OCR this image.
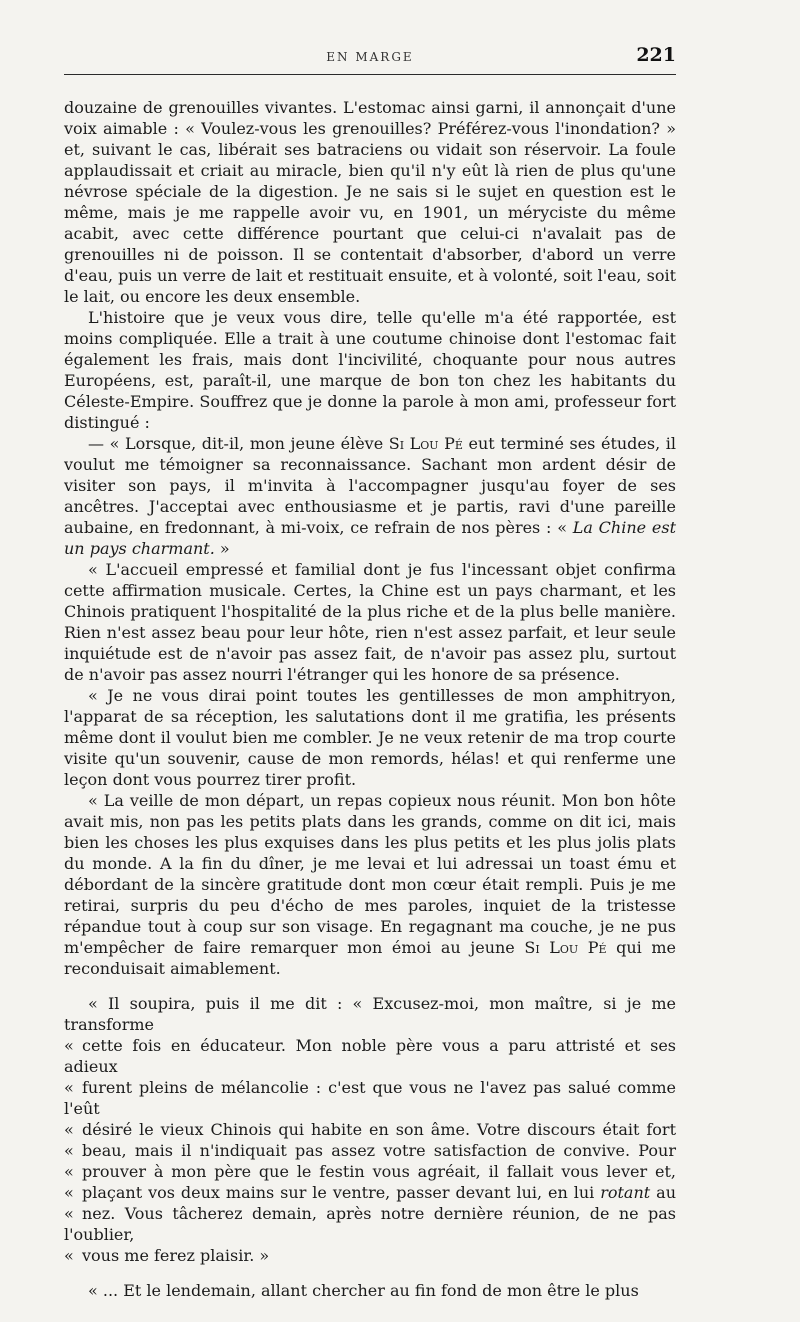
EN MARGE	221

douzaine de grenouilles vivantes. L'estomac ainsi garni, il annonçait d'une voix aimable : « Voulez-vous les grenouilles? Préférez-vous l'inondation? » et, suivant le cas, libérait ses batraciens ou vidait son réservoir. La foule applaudissait et criait au miracle, bien qu'il n'y eût là rien de plus qu'une névrose spéciale de la digestion. Je ne sais si le sujet en question est le même, mais je me rappelle avoir vu, en 1901, un méryciste du même acabit, avec cette différence pourtant que celui-ci n'avalait pas de grenouilles ni de poisson. Il se contentait d'absorber, d'abord un verre d'eau, puis un verre de lait et restituait ensuite, et à volonté, soit l'eau, soit le lait, ou encore les deux ensemble.

L'histoire que je veux vous dire, telle qu'elle m'a été rapportée, est moins compliquée. Elle a trait à une coutume chinoise dont l'estomac fait également les frais, mais dont l'incivilité, choquante pour nous autres Européens, est, paraît-il, une marque de bon ton chez les habitants du Céleste-Empire. Souffrez que je donne la parole à mon ami, professeur fort distingué :

— « Lorsque, dit-il, mon jeune élève Si Lou Pé eut terminé ses études, il voulut me témoigner sa reconnaissance. Sachant mon ardent désir de visiter son pays, il m'invita à l'accompagner jusqu'au foyer de ses ancêtres. J'acceptai avec enthousiasme et je partis, ravi d'une pareille aubaine, en fredonnant, à mi-voix, ce refrain de nos pères : « La Chine est un pays charmant. »

« L'accueil empressé et familial dont je fus l'incessant objet confirma cette affirmation musicale. Certes, la Chine est un pays charmant, et les Chinois pratiquent l'hospitalité de la plus riche et de la plus belle manière. Rien n'est assez beau pour leur hôte, rien n'est assez parfait, et leur seule inquiétude est de n'avoir pas assez fait, de n'avoir pas assez plu, surtout de n'avoir pas assez nourri l'étranger qui les honore de sa présence.

« Je ne vous dirai point toutes les gentillesses de mon amphitryon, l'apparat de sa réception, les salutations dont il me gratifia, les présents même dont il voulut bien me combler. Je ne veux retenir de ma trop courte visite qu'un souvenir, cause de mon remords, hélas! et qui renferme une leçon dont vous pourrez tirer profit.

« La veille de mon départ, un repas copieux nous réunit. Mon bon hôte avait mis, non pas les petits plats dans les grands, comme on dit ici, mais bien les choses les plus exquises dans les plus petits et les plus jolis plats du monde. A la fin du dîner, je me levai et lui adressai un toast ému et débordant de la sincère gratitude dont mon cœur était rempli. Puis je me retirai, surpris du peu d'écho de mes paroles, inquiet de la tristesse répandue tout à coup sur son visage. En regagnant ma couche, je ne pus m'empêcher de faire remarquer mon émoi au jeune Si Lou Pé qui me reconduisait aimablement.

« Il soupira, puis il me dit : « Excusez-moi, mon maître, si je me transforme
« cette fois en éducateur. Mon noble père vous a paru attristé et ses adieux
« furent pleins de mélancolie : c'est que vous ne l'avez pas salué comme l'eût
« désiré le vieux Chinois qui habite en son âme. Votre discours était fort
« beau, mais il n'indiquait pas assez votre satisfaction de convive. Pour
« prouver à mon père que le festin vous agréait, il fallait vous lever et,
« plaçant vos deux mains sur le ventre, passer devant lui, en lui rotant au
« nez. Vous tâcherez demain, après notre dernière réunion, de ne pas l'oublier,
« vous me ferez plaisir. »

« ... Et le lendemain, allant chercher au fin fond de mon être le plus
